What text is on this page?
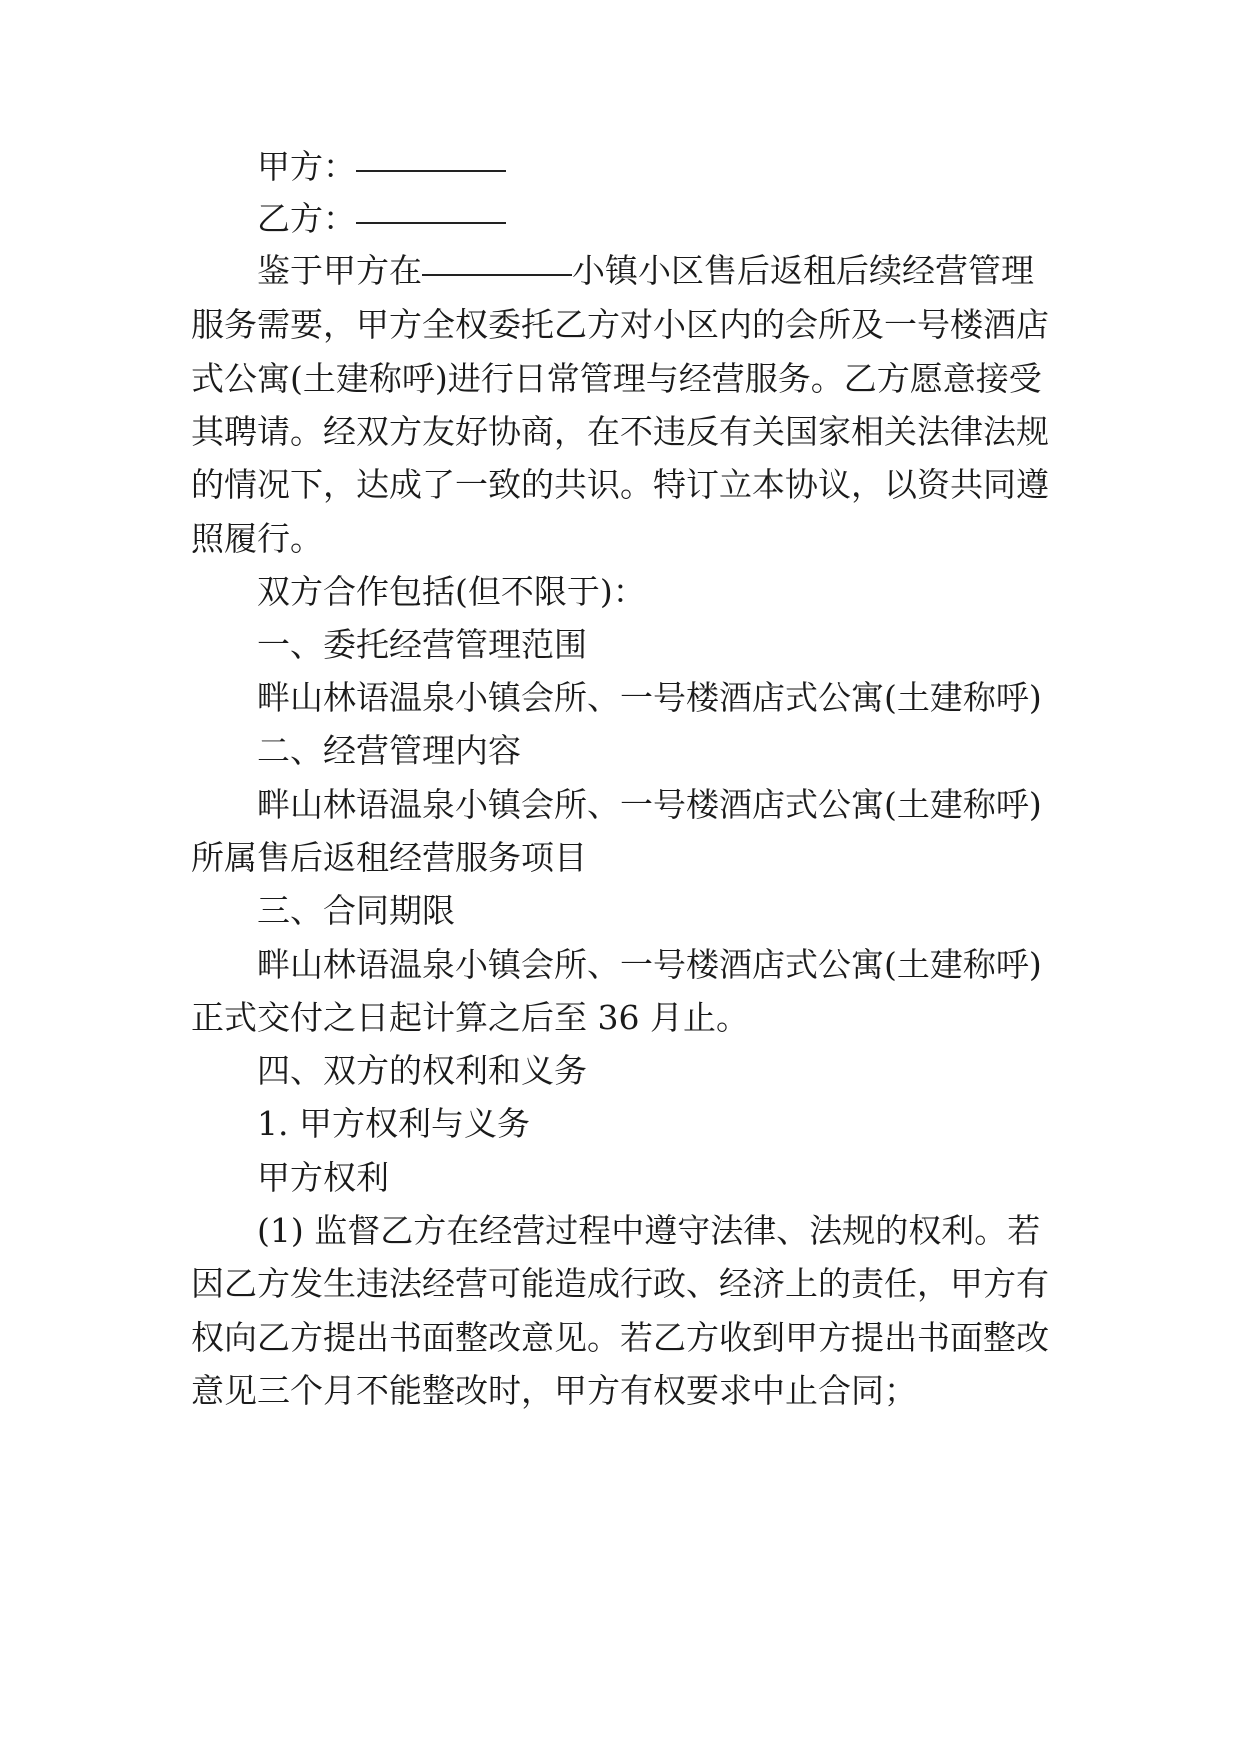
甲方：

乙方：

鉴于甲方在	小镇小区售后返租后续经营管理

服务需要，甲方全权委托乙方对小区内的会所及一号楼酒店

式公寓(土建称呼)进行日常管理与经营服务。乙方愿意接受

其聘请。经双方友好协商，在不违反有关国家相关法律法规

的情况下，达成了一致的共识。特订立本协议，以资共同遵

照履行。

双方合作包括(但不限于)：

一、委托经营管理范围

畔山林语温泉小镇会所、一号楼酒店式公寓(土建称呼)

二、经营管理内容

畔山林语温泉小镇会所、一号楼酒店式公寓(土建称呼)

所属售后返租经营服务项目

三、合同期限

畔山林语温泉小镇会所、一号楼酒店式公寓(土建称呼)

正式交付之日起计算之后至 36 月止。

四、双方的权利和义务

1. 甲方权利与义务

甲方权利

(1) 监督乙方在经营过程中遵守法律、法规的权利。若

因乙方发生违法经营可能造成行政、经济上的责任，甲方有

权向乙方提出书面整改意见。若乙方收到甲方提出书面整改

意见三个月不能整改时，甲方有权要求中止合同；
